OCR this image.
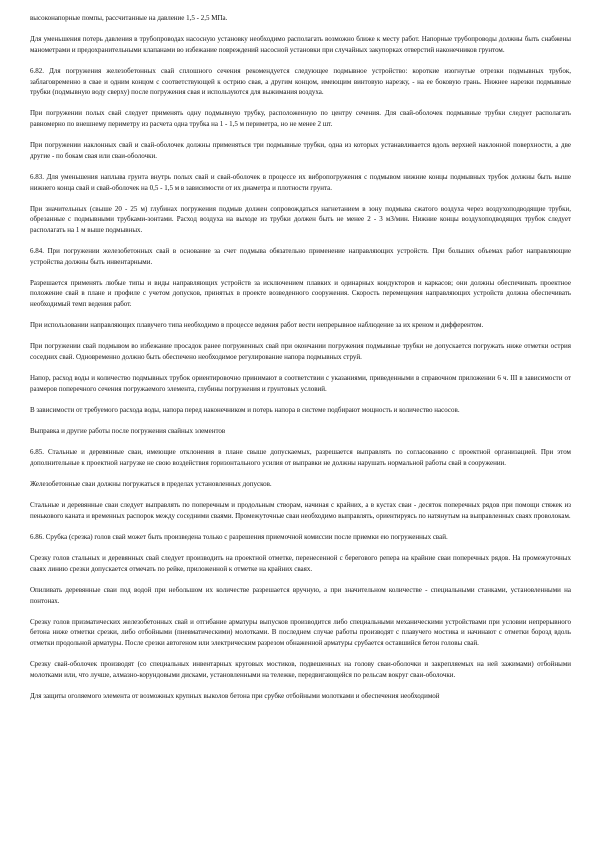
высоконапорные помпы, рассчитанные на давление 1,5 - 2,5 МПа.

Для уменьшения потерь давления в трубопроводах насосную установку необходимо располагать возможно ближе к месту работ. Напорные трубопроводы должны быть снабжены манометрами и предохранительными клапанами во избежание повреждений насосной установки при случайных закупорках отверстий наконечников грунтом.

6.82. Для погружения железобетонных свай сплошного сечения рекомендуется следующее подмывное устройство: короткие изогнутые отрезки подмывных трубок, заблаговременно в свае и одним концом с соответствующей к острию свая, а другим концом, имеющим винтовую нарезку, - на ее боковую грань. Нижнее нарезки подмывные трубки (подмывную воду сверху) после погружения свая и используются для выжимания воздуха.

При погружении полых свай следует применять одну подмывную трубку, расположенную по центру сечения. Для свай-оболочек подмывные трубки следует располагать равномерно по внешнему периметру из расчета одна трубка на 1 - 1,5 м периметра, но не менее 2 шт.

При погружении наклонных свай и свай-оболочек должны применяться три подмывные трубки, одна из которых устанавливается вдоль верхней наклонной поверхности, а две другие - по бокам свая или сваи-оболочки.

6.83. Для уменьшения наплыва грунта внутрь полых свай и свай-оболочек в процессе их вибропогружения с подмывом нижние концы подмывных трубок должны быть выше нижнего конца свай и свай-оболочек на 0,5 - 1,5 м в зависимости от их диаметра и плотности грунта.

При значительных (свыше 20 - 25 м) глубинах погружения подмыв должен сопровождаться нагнетанием в зону подмыва сжатого воздуха через воздухоподводящие трубки, обрезанные с подмывными трубками-зонтами. Расход воздуха на выходе из трубки должен быть не менее 2 - 3 м3/мин. Нижние концы воздухоподводящих трубок следует располагать на 1 м выше подмывных.

6.84. При погружении железобетонных свай в основание за счет подмыва обязательно применение направляющих устройств. При больших объемах работ направляющие устройства должны быть инвентарными.

Разрешается применять любые типы и виды направляющих устройств за исключением плавких и одинарных кондукторов и каркасов; они должны обеспечивать проектное положение свай в плане и профиле с учетом допусков, принятых в проекте возведенного сооружения. Скорость перемещения направляющих устройств должна обеспечивать необходимый темп ведения работ.

При использовании направляющих плавучего типа необходимо в процессе ведения работ вести непрерывное наблюдение за их креном и дифферентом.

При погружении свай подмывом во избежание просадок ранее погруженных свай при окончании погружения подмывные трубки не допускается погружать ниже отметки острия соседних свай. Одновременно должно быть обеспечено необходимое регулирование напора подмывных струй.

Напор, расход воды и количество подмывных трубок ориентировочно принимают в соответствии с указаниями, приведенными в справочном приложении 6 ч. III в зависимости от размеров поперечного сечения погружаемого элемента, глубины погружения и грунтовых условий.

В зависимости от требуемого расхода воды, напора перед наконечником и потерь напора в системе подбирают мощность и количество насосов.

Выправка и другие работы после погружения свайных элементов

6.85. Стальные и деревянные сваи, имеющие отклонения в плане свыше допускаемых, разрешается выправлять по согласованию с проектной организацией. При этом дополнительные к проектной нагрузке не свою воздействия горизонтального усилия от выправки не должны нарушать нормальной работы свай в сооружении.

Железобетонные сваи должны погружаться в пределах установленных допусков.

Стальные и деревянные сваи следует выправлять по поперечным и продольным створам, начиная с крайних, а в кустах сваи - десяток поперечных рядов при помощи стяжек из пенькового каната и временных распорок между соседними сваями. Промежуточные сваи необходимо выправлять, ориентируясь по натянутым на выправленных сваях проволокам.

6.86. Срубка (срезка) голов свай может быть произведена только с разрешения приемочной комиссии после приемки ею погруженных свай.

Срезку голов стальных и деревянных свай следует производить на проектной отметке, перенесенной с берегового репера на крайние сваи поперечных рядов. На промежуточных сваях линию срезки допускается отмечать по рейке, приложенной к отметке на крайних сваях.

Опиливать деревянные сваи под водой при небольшом их количестве разрешается вручную, а при значительном количестве - специальными станками, установленными на понтонах.

Срезку голов призматических железобетонных свай и отгибание арматуры выпусков производится либо специальными механическими устройствами при условии непрерывного бетона ниже отметки срезки, либо отбойными (пневматическими) молотками. В последнем случае работы производят с плавучего мостика и начинают с отметки борозд вдоль отметки продольной арматуры. После срезки автогеном или электрическим разрезом обнаженной арматуры срубается оставшийся бетон головы свай.

Срезку свай-оболочек производят (со специальных инвентарных круговых мостиков, подвешенных на голову сваи-оболочки и закрепляемых на ней зажимами) отбойными молотками или, что лучше, алмазно-корундовыми дисками, установленными на тележке, передвигающейся по рельсам вокруг сваи-оболочки.

Для защиты оголяемого элемента от возможных крупных выколов бетона при срубке отбойными молотками и обеспечения необходимой
